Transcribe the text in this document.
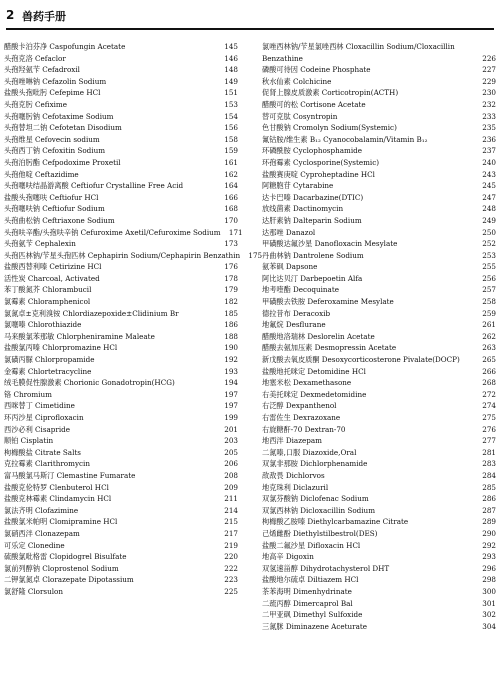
2 兽药手册
醋酸卡泊芬净 Caspofungin Acetate	145
头孢克洛 Cefaclor	146
头孢羟氨苄 Cefadroxil	148
头孢唑啉钠 Cefazolin Sodium	149
盐酸头孢吡肟 Cefepime HCl	151
头孢克肟 Cefixime	153
头孢噻肟钠 Cefotaxime Sodium	154
头孢替坦二钠 Cefotetan Disodium	156
头孢维星 Cefovecin sodium	158
头孢西丁钠 Cefoxitin Sodium	159
头孢泊肟酯 Cefpodoxime Proxetil	161
头孢他啶 Ceftazidime	162
头孢噻呋结晶游离酸 Ceftiofur Crystalline Free Acid	164
盐酸头孢噻呋 Ceftiofur HCl	166
头孢噻呋钠 Ceftiofur Sodium	168
头孢曲松钠 Ceftriaxone Sodium	170
头孢呋辛酯/头孢呋辛钠 Cefuroxime Axetil/Cefuroxime Sodium	171
头孢氨苄 Cephalexin	173
头孢匹林钠/苄星头孢匹林 Cephapirin Sodium/Cephapirin Benzathin	175
盐酸西替利嗪 Cetirizine HCl	176
活性炭 Charcoal, Activated	178
苯丁酸氮芥 Chlorambucil	179
氯霉素 Chloramphenicol	182
氯氮卓±克利溴铵 Chlordiazepoxide±Clidinium Br	185
氯噻嗪 Chlorothiazide	186
马来酸氯苯那敏 Chlorpheniramine Maleate	188
盐酸氯丙嗪 Chlorpromazine HCl	190
氯磺丙脲 Chlorpropamide	192
金霉素 Chlortetracycline	193
绒毛膜促性腺激素 Chorionic Gonadotropin(HCG)	194
铬 Chromium	197
西咪替丁 Cimetidine	197
环丙沙星 Ciprofloxacin	199
西沙必利 Cisapride	201
顺铂 Cisplatin	203
枸橼酸盐 Citrate Salts	205
克拉霉素 Clarithromycin	206
富马酸氯马斯汀 Clemastine Fumarate	208
盐酸克伦特罗 Clenbuterol HCl	209
盐酸克林霉素 Clindamycin HCl	211
氯法齐明 Clofazimine	214
盐酸氯米帕明 Clomipramine HCl	215
氯硝西泮 Clonazepam	217
可乐定 Clonedine	219
硫酸氯吡格雷 Clopidogrel Bisulfate	220
氯前列醇钠 Cloprostenol Sodium	222
二钾氯氮卓 Clorazepate Dipotassium	223
氯舒隆 Clorsulon	225
氯唑西林钠/苄星氯唑西林 Cloxacillin Sodium/Cloxacillin Benzathine	226
磷酸可待因 Codeine Phosphate	227
秋水仙素 Colchicine	229
促肾上腺皮质激素 Corticotropin(ACTH)	230
醋酸可的松 Cortisone Acetate	232
替可克肽 Cosyntropin	233
色甘酸钠 Cromolyn Sodium(Systemic)	235
氰钴胺/维生素 B₁₂ Cyanocobalamin/Vitamin B₁₂	236
环磷酰胺 Cyclophosphamide	237
环孢霉素 Cyclosporine(Systemic)	240
盐酸赛庚啶 Cyproheptadine HCl	243
阿糖胞苷 Cytarabine	245
达卡巴嗪 Dacarbazine(DTIC)	247
放线菌素 Dactinomycin	248
达肝素钠 Dalteparin Sodium	249
达那唑 Danazol	250
甲磺酸达氟沙星 Danofloxacin Mesylate	252
丹曲林钠 Dantrolene Sodium	253
氨苯砜 Dapsone	255
阿比达贝汀 Darbepoetin Alfa	256
地考喹酯 Decoquinate	257
甲磺酸去铁胺 Deferoxamine Mesylate	258
德拉昔布 Deracoxib	259
地氟烷 Desflurane	261
醋酸地洛瑞林 Deslorelin Acetate	262
醋酸去氨加压素 Desmopressin Acetate	263
新戊酸去氧皮质酮 Desoxycorticosterone Pivalate(DOCP)	265
盐酸地托咪定 Detomidine HCl	266
地塞米松 Dexamethasone	268
右美托咪定 Dexmedetomidine	272
右泛醇 Dexpanthenol	274
右雷佐生 Dexrazoxane	275
右旋糖酐-70 Dextran-70	276
地西泮 Diazepam	277
二氮嗪,口服 Diazoxide,Oral	281
双氯非那胺 Dichlorphenamide	283
敌敌畏 Dichlorvos	284
地克珠利 Diclazuril	285
双氯芬酸钠 Diclofenac Sodium	286
双氯西林钠 Dicloxacillin Sodium	287
枸橼酸乙胺嗪 Diethylcarbamazine Citrate	289
己烯雌酚 Diethylstilbestrol(DES)	290
盐酸二氟沙星 Difloxacin HCl	292
地高辛 Digoxin	293
双氢速甾醇 Dihydrotachysterol DHT	296
盐酸地尔硫卓 Diltiazem HCl	298
茶苯海明 Dimenhydrinate	300
二巯丙醇 Dimercaprol Bal	301
二甲亚砜 Dimethyl Sulfoxide	302
三氮脒 Diminazene Aceturate	304
